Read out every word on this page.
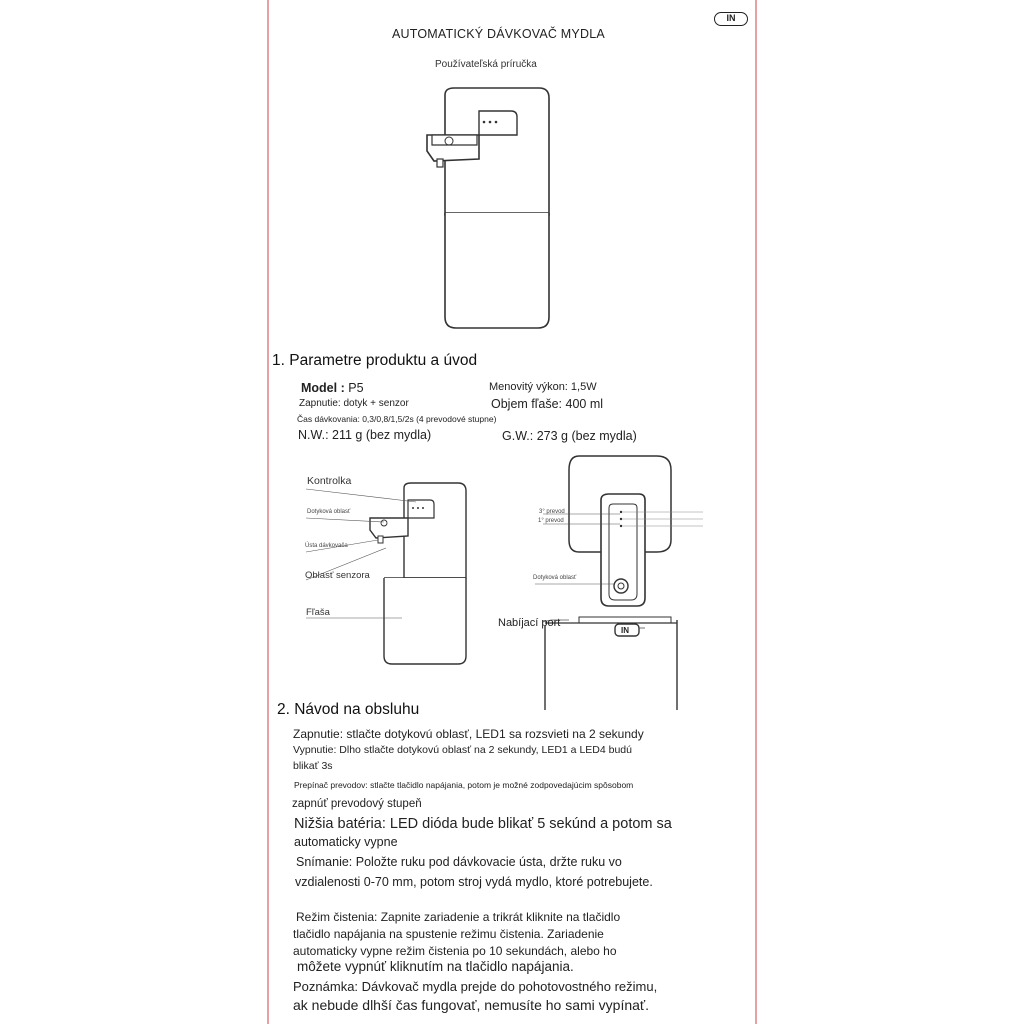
IN
AUTOMATICKÝ DÁVKOVAČ MYDLA
Používateľská príručka
1. Parametre produktu a úvod
Model : P5	Menovitý výkon: 1,5W
Zapnutie: dotyk + senzor	Objem fľaše: 400 ml
Čas dávkovania: 0,3/0,8/1,5/2s (4 prevodové stupne)
N.W.: 211 g (bez mydla)	G.W.: 273 g (bez mydla)
Kontrolka
Dotyková oblasť
Ústa dávkovača
Oblasť senzora
Fľaša
3° prevod
1° prevod
Dotyková oblasť
Nabíjací port
IN
2. Návod na obsluhu
Zapnutie: stlačte dotykovú oblasť, LED1 sa rozsvieti na 2 sekundy
Vypnutie: Dlho stlačte dotykovú oblasť na 2 sekundy, LED1 a LED4 budú
blikať 3s
Prepínač prevodov: stlačte tlačidlo napájania, potom je možné zodpovedajúcim spôsobom
zapnúť prevodový stupeň
Nižšia batéria: LED dióda bude blikať 5 sekúnd a potom sa
automaticky vypne
Snímanie: Položte ruku pod dávkovacie ústa, držte ruku vo
vzdialenosti 0-70 mm, potom stroj vydá mydlo, ktoré potrebujete.
Režim čistenia: Zapnite zariadenie a trikrát kliknite na tlačidlo
tlačidlo napájania na spustenie režimu čistenia. Zariadenie
automaticky vypne režim čistenia po 10 sekundách, alebo ho
môžete vypnúť kliknutím na tlačidlo napájania.
Poznámka: Dávkovač mydla prejde do pohotovostného režimu,
ak nebude dlhší čas fungovať, nemusíte ho sami vypínať.
